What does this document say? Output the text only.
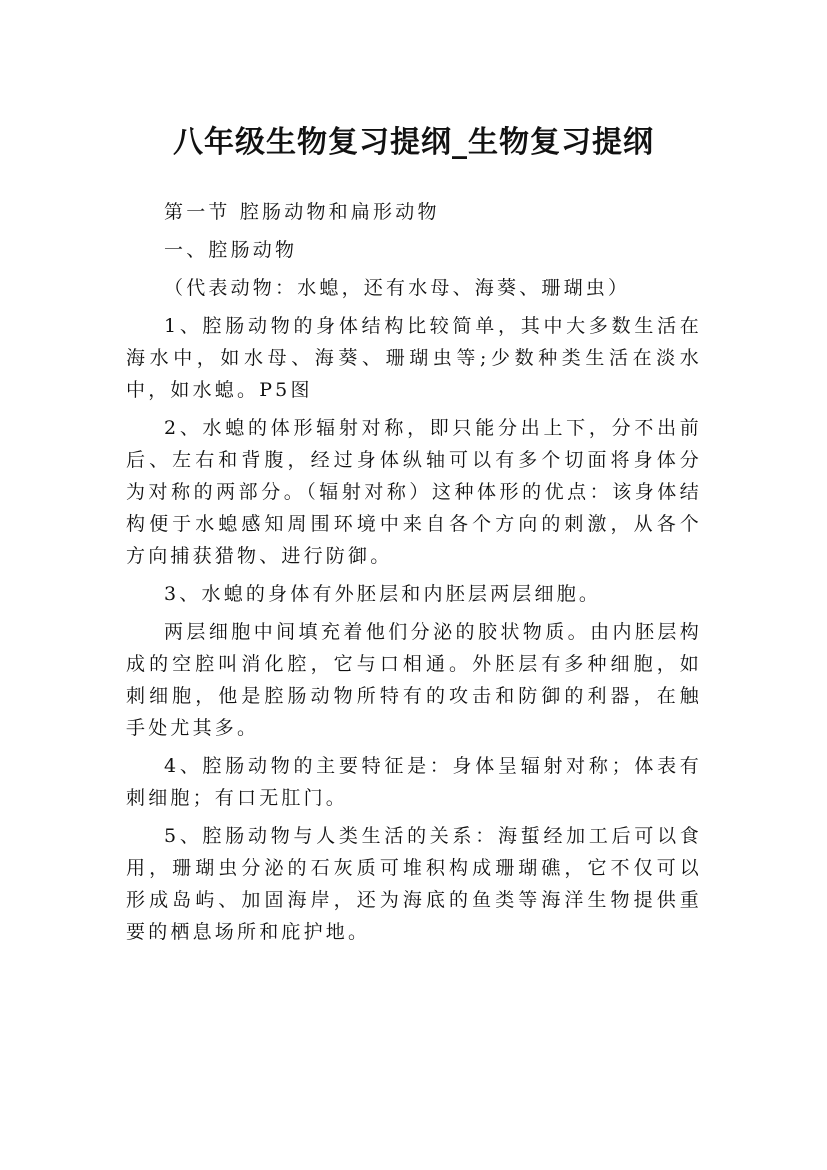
八年级生物复习提纲_生物复习提纲

第一节 腔肠动物和扁形动物

一、腔肠动物

（代表动物：水螅，还有水母、海葵、珊瑚虫）

1、腔肠动物的身体结构比较简单，其中大多数生活在海水中，如水母、海葵、珊瑚虫等;少数种类生活在淡水中，如水螅。P5图

2、水螅的体形辐射对称，即只能分出上下，分不出前后、左右和背腹，经过身体纵轴可以有多个切面将身体分为对称的两部分。（辐射对称）这种体形的优点：该身体结构便于水螅感知周围环境中来自各个方向的刺激，从各个方向捕获猎物、进行防御。

3、水螅的身体有外胚层和内胚层两层细胞。

两层细胞中间填充着他们分泌的胶状物质。由内胚层构成的空腔叫消化腔，它与口相通。外胚层有多种细胞，如刺细胞，他是腔肠动物所特有的攻击和防御的利器，在触手处尤其多。

4、腔肠动物的主要特征是：身体呈辐射对称；体表有刺细胞；有口无肛门。

5、腔肠动物与人类生活的关系：海蜇经加工后可以食用，珊瑚虫分泌的石灰质可堆积构成珊瑚礁，它不仅可以形成岛屿、加固海岸，还为海底的鱼类等海洋生物提供重要的栖息场所和庇护地。
